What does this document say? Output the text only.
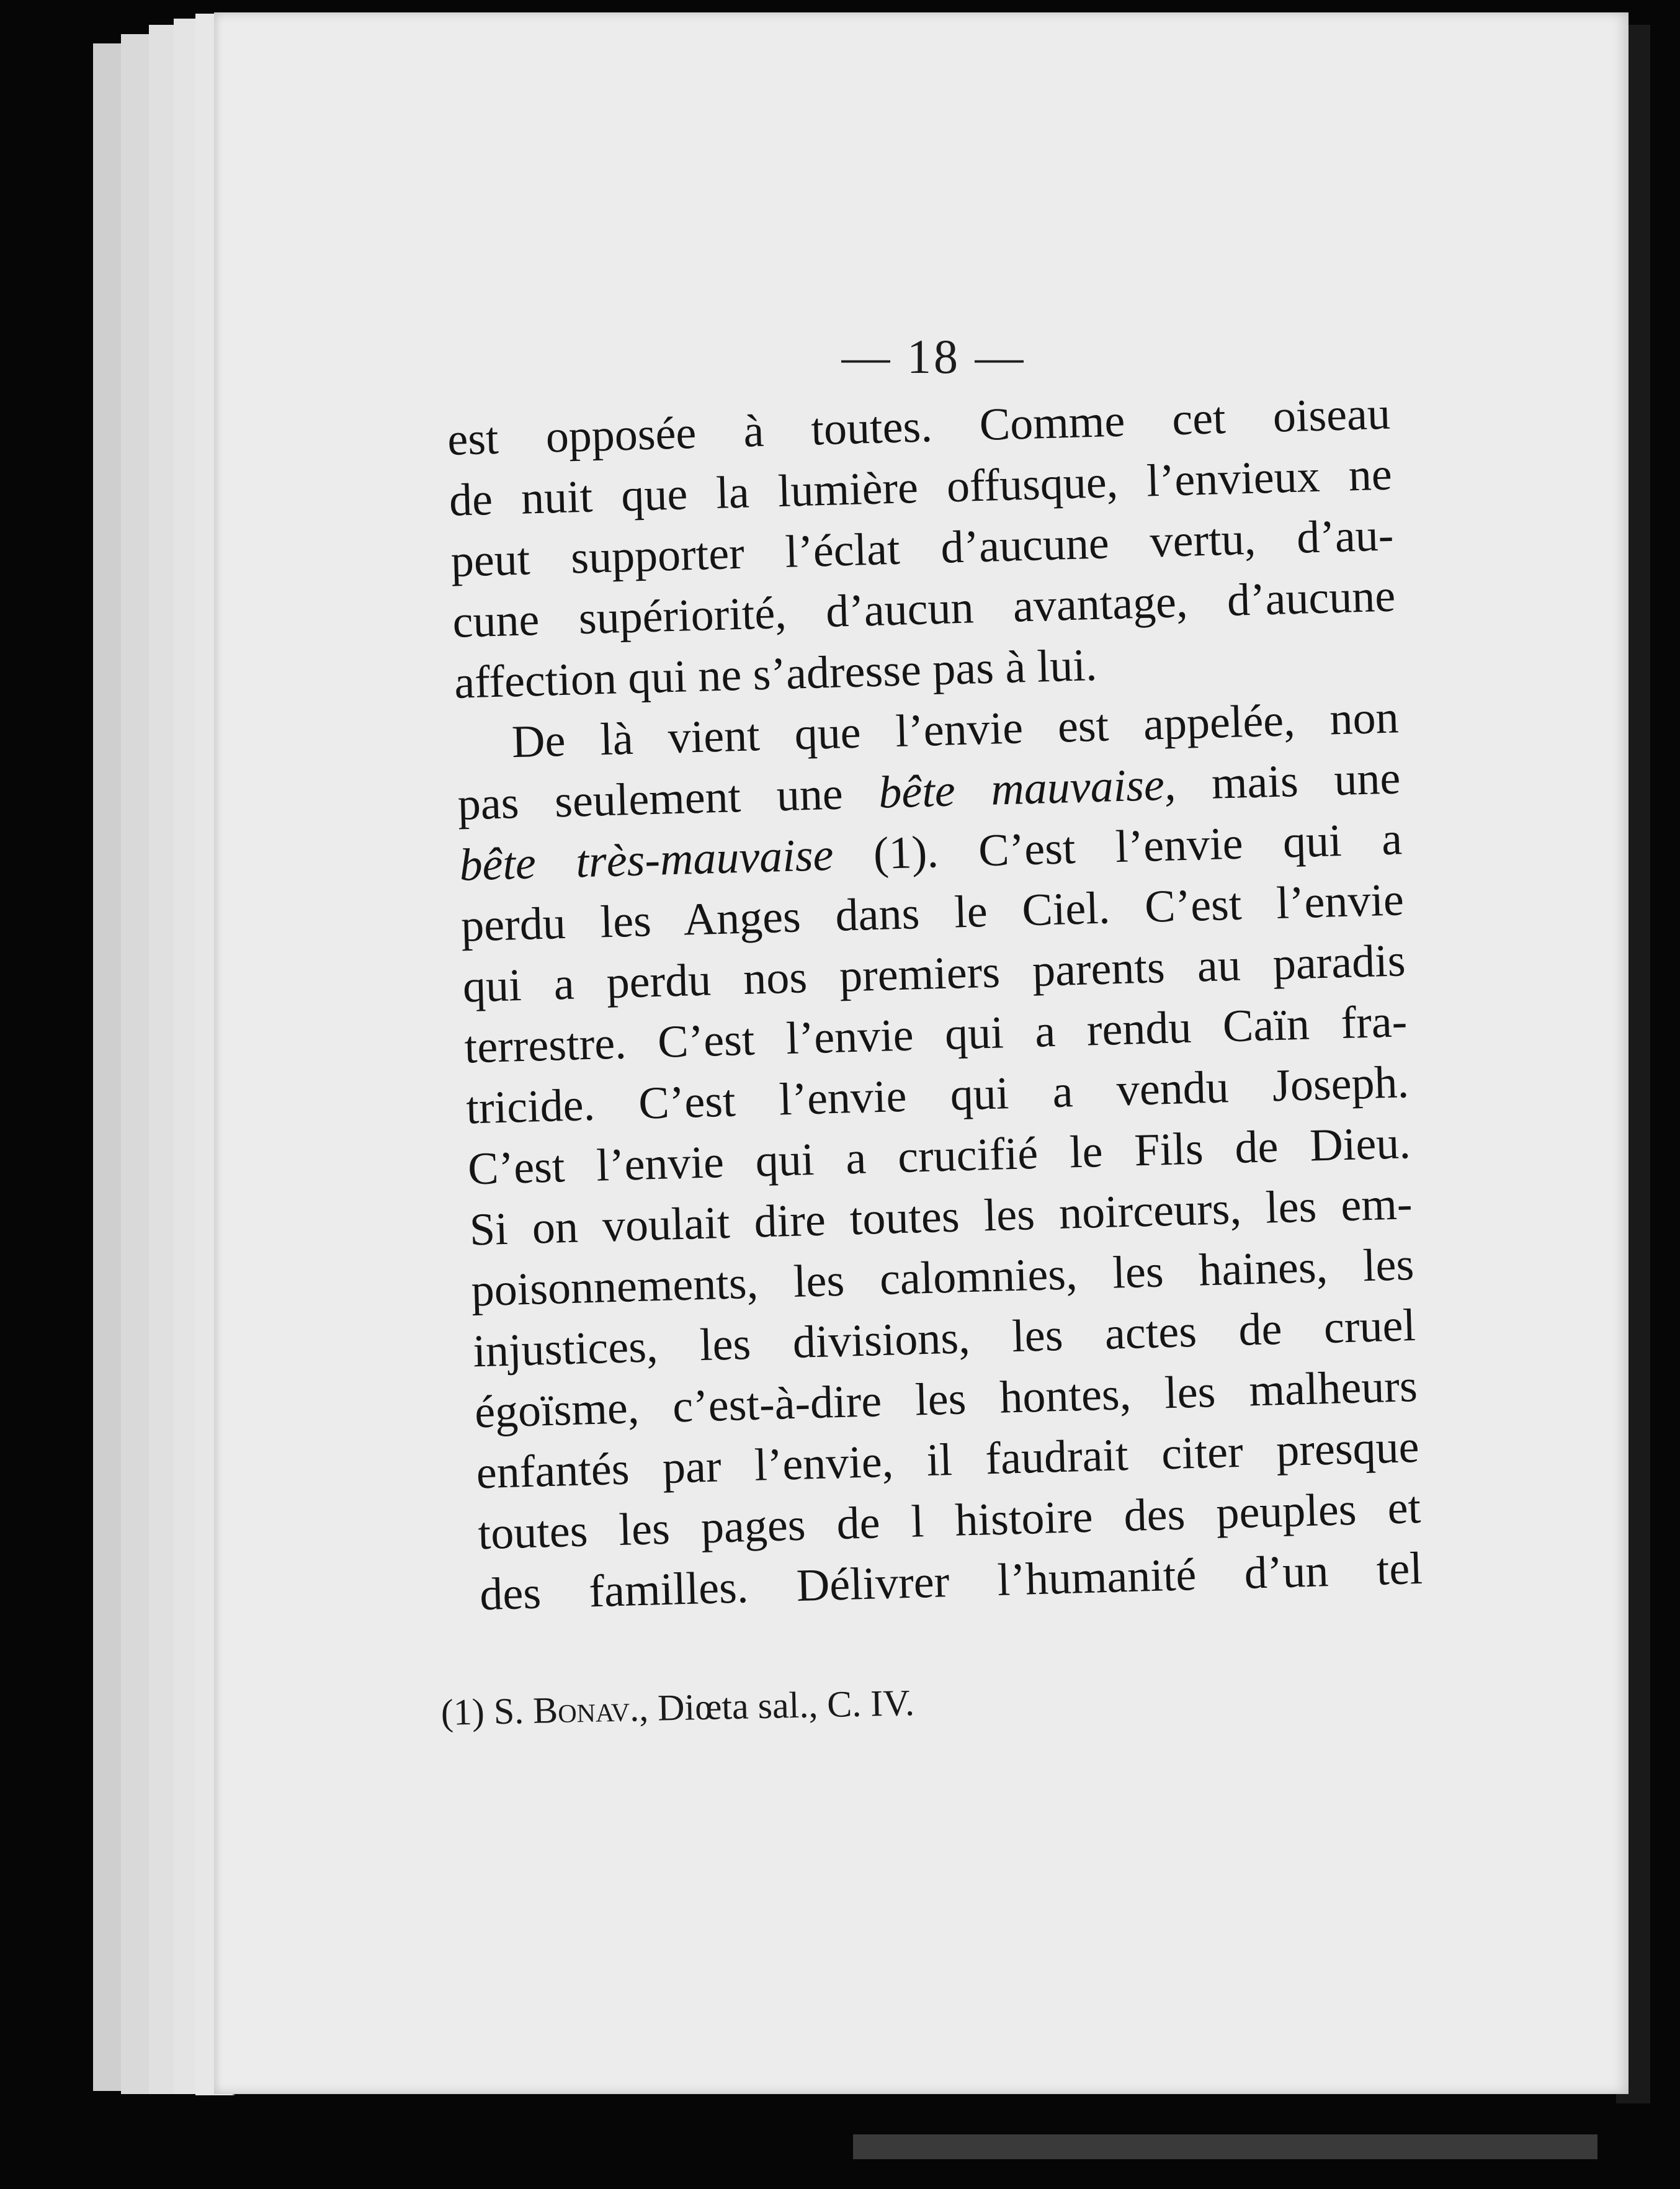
— 18 —
est opposée à toutes. Comme cet oiseau
de nuit que la lumière offusque, l’envieux ne
peut supporter l’éclat d’aucune vertu, d’au-
cune supériorité, d’aucun avantage, d’aucune
affection qui ne s’adresse pas à lui.
De là vient que l’envie est appelée, non
pas seulement une bête mauvaise, mais une
bête très-mauvaise (1). C’est l’envie qui a
perdu les Anges dans le Ciel. C’est l’envie
qui a perdu nos premiers parents au paradis
terrestre. C’est l’envie qui a rendu Caïn fra-
tricide. C’est l’envie qui a vendu Joseph.
C’est l’envie qui a crucifié le Fils de Dieu.
Si on voulait dire toutes les noirceurs, les em-
poisonnements, les calomnies, les haines, les
injustices, les divisions, les actes de cruel
égoïsme, c’est-à-dire les hontes, les malheurs
enfantés par l’envie, il faudrait citer presque
toutes les pages de l histoire des peuples et
des familles. Délivrer l’humanité d’un tel
(1) S. Bonav., Diœta sal., C. IV.
